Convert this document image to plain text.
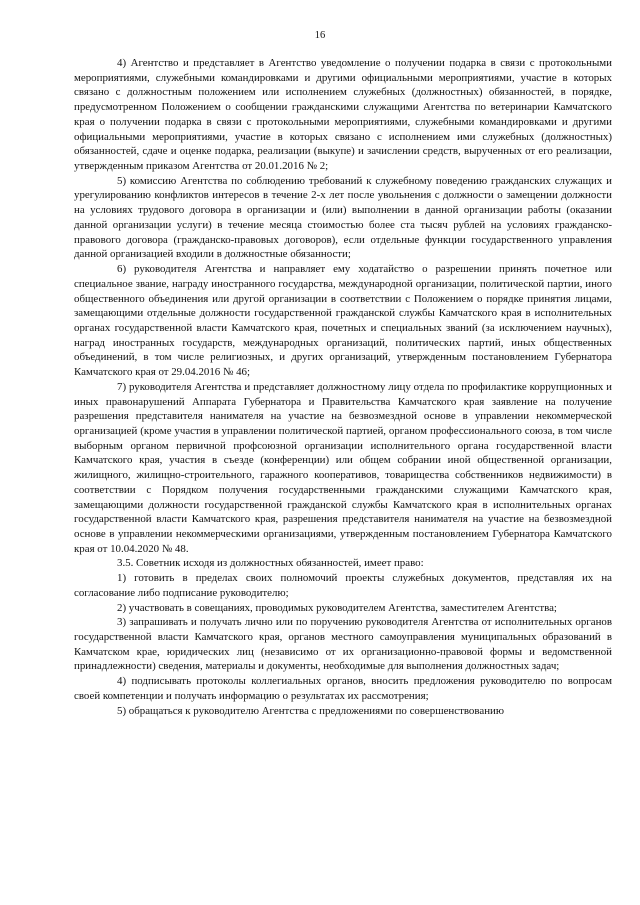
16

4) Агентство и представляет в Агентство уведомление о получении подарка в связи с протокольными мероприятиями, служебными командировками и другими официальными мероприятиями, участие в которых связано с должностным положением или исполнением служебных (должностных) обязанностей, в порядке, предусмотренном Положением о сообщении гражданскими служащими Агентства по ветеринарии Камчатского края о получении подарка в связи с протокольными мероприятиями, служебными командировками и другими официальными мероприятиями, участие в которых связано с исполнением ими служебных (должностных) обязанностей, сдаче и оценке подарка, реализации (выкупе) и зачислении средств, вырученных от его реализации, утвержденным приказом Агентства от 20.01.2016 № 2;

5) комиссию Агентства по соблюдению требований к служебному поведению гражданских служащих и урегулированию конфликтов интересов в течение 2-х лет после увольнения с должности о замещении должности на условиях трудового договора в организации и (или) выполнении в данной организации работы (оказании данной организации услуги) в течение месяца стоимостью более ста тысяч рублей на условиях гражданско-правового договора (гражданско-правовых договоров), если отдельные функции государственного управления данной организацией входили в должностные обязанности;

6) руководителя Агентства и направляет ему ходатайство о разрешении принять почетное или специальное звание, награду иностранного государства, международной организации, политической партии, иного общественного объединения или другой организации в соответствии с Положением о порядке принятия лицами, замещающими отдельные должности государственной гражданской службы Камчатского края в исполнительных органах государственной власти Камчатского края, почетных и специальных званий (за исключением научных), наград иностранных государств, международных организаций, политических партий, иных общественных объединений, в том числе религиозных, и других организаций, утвержденным постановлением Губернатора Камчатского края от 29.04.2016 № 46;

7) руководителя Агентства и представляет должностному лицу отдела по профилактике коррупционных и иных правонарушений Аппарата Губернатора и Правительства Камчатского края заявление на получение разрешения представителя нанимателя на участие на безвозмездной основе в управлении некоммерческой организацией (кроме участия в управлении политической партией, органом профессионального союза, в том числе выборным органом первичной профсоюзной организации исполнительного органа государственной власти Камчатского края, участия в съезде (конференции) или общем собрании иной общественной организации, жилищного, жилищно-строительного, гаражного кооперативов, товарищества собственников недвижимости) в соответствии с Порядком получения государственными гражданскими служащими Камчатского края, замещающими должности государственной гражданской службы Камчатского края в исполнительных органах государственной власти Камчатского края, разрешения представителя нанимателя на участие на безвозмездной основе в управлении некоммерческими организациями, утвержденным постановлением Губернатора Камчатского края от 10.04.2020 № 48.

3.5. Советник исходя из должностных обязанностей, имеет право:

1) готовить в пределах своих полномочий проекты служебных документов, представляя их на согласование либо подписание руководителю;

2) участвовать в совещаниях, проводимых руководителем Агентства, заместителем Агентства;

3) запрашивать и получать лично или по поручению руководителя Агентства от исполнительных органов государственной власти Камчатского края, органов местного самоуправления муниципальных образований в Камчатском крае, юридических лиц (независимо от их организационно-правовой формы и ведомственной принадлежности) сведения, материалы и документы, необходимые для выполнения должностных задач;

4) подписывать протоколы коллегиальных органов, вносить предложения руководителю по вопросам своей компетенции и получать информацию о результатах их рассмотрения;

5) обращаться к руководителю Агентства с предложениями по совершенствованию
